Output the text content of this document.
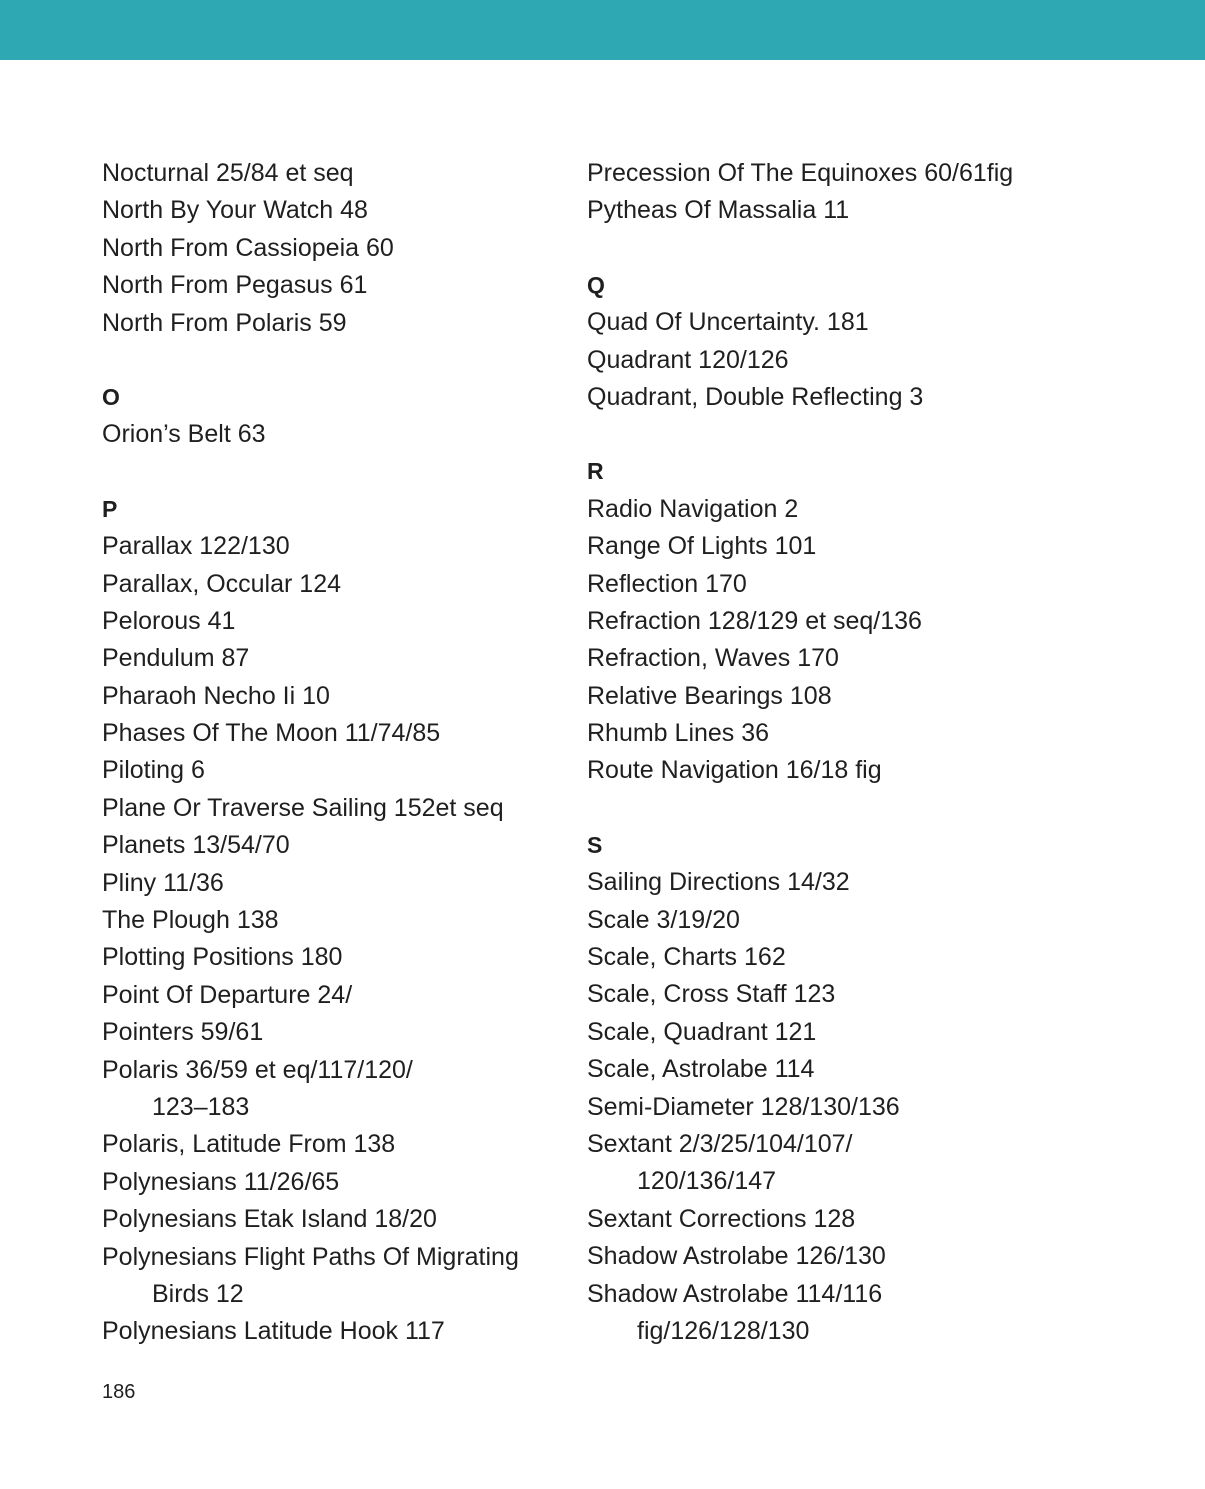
Nocturnal 25/84 et seq
North By Your Watch 48
North From Cassiopeia 60
North From Pegasus 61
North From Polaris 59
O
Orion’s Belt 63
P
Parallax 122/130
Parallax, Occular 124
Pelorous 41
Pendulum 87
Pharaoh Necho Ii 10
Phases Of The Moon 11/74/85
Piloting 6
Plane Or Traverse Sailing 152et seq
Planets 13/54/70
Pliny 11/36
The Plough 138
Plotting Positions 180
Point Of Departure 24/
Pointers 59/61
Polaris 36/59 et eq/117/120/
123–183
Polaris, Latitude From 138
Polynesians 11/26/65
Polynesians Etak Island 18/20
Polynesians Flight Paths Of Migrating
Birds 12
Polynesians Latitude Hook 117
Precession Of The Equinoxes 60/61fig
Pytheas Of Massalia 11
Q
Quad Of Uncertainty. 181
Quadrant 120/126
Quadrant, Double Reflecting 3
R
Radio Navigation 2
Range Of Lights 101
Reflection 170
Refraction 128/129 et seq/136
Refraction, Waves 170
Relative Bearings 108
Rhumb Lines 36
Route Navigation 16/18 fig
S
Sailing Directions 14/32
Scale 3/19/20
Scale, Charts 162
Scale, Cross Staff 123
Scale, Quadrant 121
Scale, Astrolabe 114
Semi-Diameter 128/130/136
Sextant 2/3/25/104/107/
120/136/147
Sextant Corrections 128
Shadow Astrolabe 126/130
Shadow Astrolabe 114/116
fig/126/128/130
186
